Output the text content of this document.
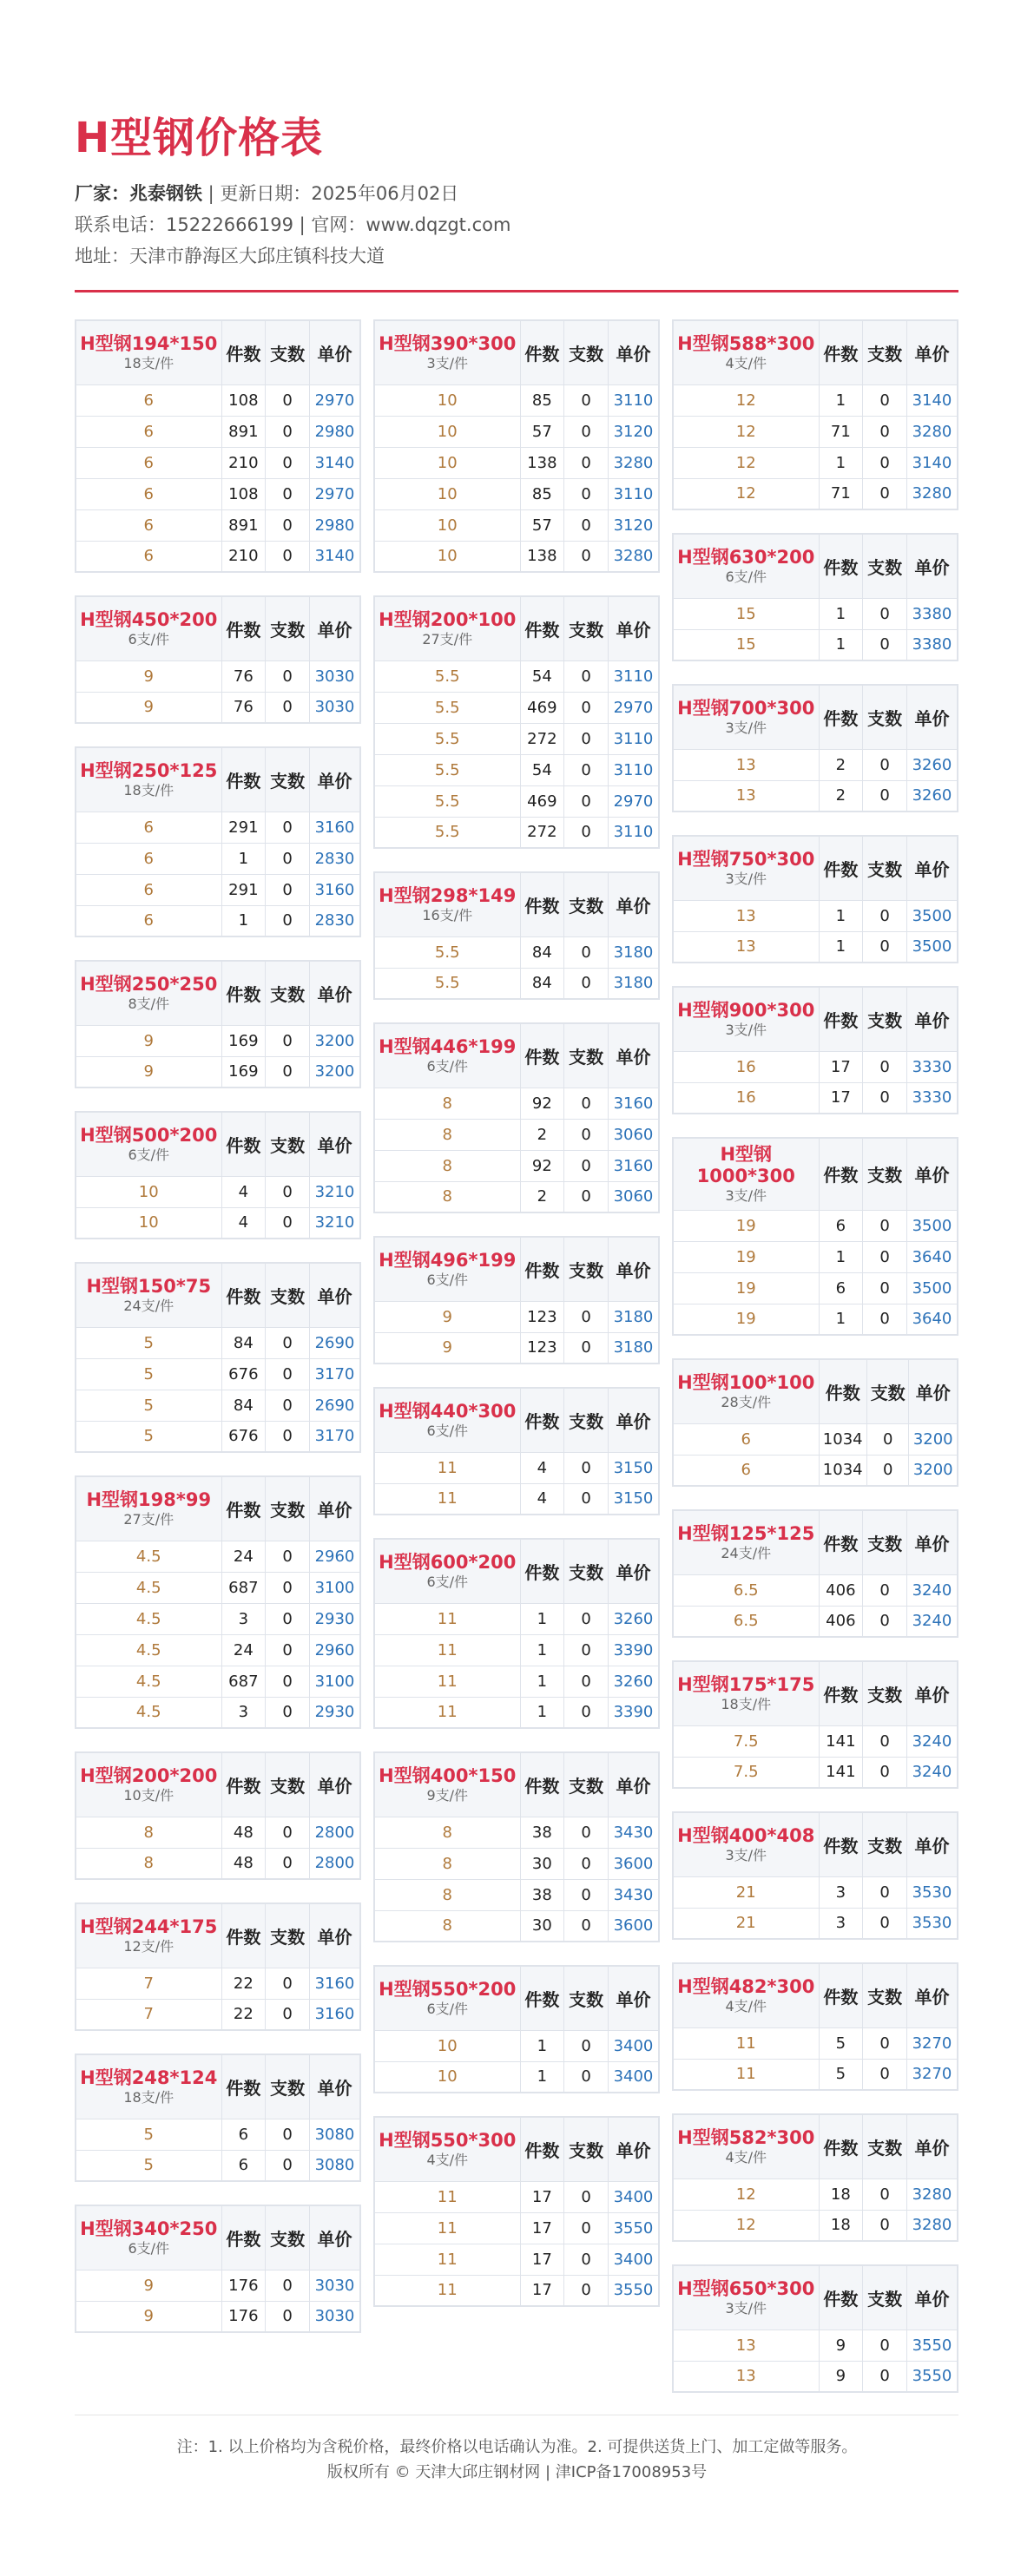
H型钢价格表
厂家：兆泰钢铁 | 更新日期：2025年06月02日
联系电话：15222666199 | 官网：www.dqzgt.com
地址：天津市静海区大邱庄镇科技大道
H型钢194*150
18支/件	件数	支数	单价
6	108	0	2970
6	891	0	2980
6	210	0	3140
6	108	0	2970
6	891	0	2980
6	210	0	3140
H型钢450*200
6支/件	件数	支数	单价
9	76	0	3030
9	76	0	3030
H型钢250*125
18支/件	件数	支数	单价
6	291	0	3160
6	1	0	2830
6	291	0	3160
6	1	0	2830
H型钢250*250
8支/件	件数	支数	单价
9	169	0	3200
9	169	0	3200
H型钢500*200
6支/件	件数	支数	单价
10	4	0	3210
10	4	0	3210
H型钢150*75
24支/件	件数	支数	单价
5	84	0	2690
5	676	0	3170
5	84	0	2690
5	676	0	3170
H型钢198*99
27支/件	件数	支数	单价
4.5	24	0	2960
4.5	687	0	3100
4.5	3	0	2930
4.5	24	0	2960
4.5	687	0	3100
4.5	3	0	2930
H型钢200*200
10支/件	件数	支数	单价
8	48	0	2800
8	48	0	2800
H型钢244*175
12支/件	件数	支数	单价
7	22	0	3160
7	22	0	3160
H型钢248*124
18支/件	件数	支数	单价
5	6	0	3080
5	6	0	3080
H型钢340*250
6支/件	件数	支数	单价
9	176	0	3030
9	176	0	3030
H型钢390*300
3支/件	件数	支数	单价
10	85	0	3110
10	57	0	3120
10	138	0	3280
10	85	0	3110
10	57	0	3120
10	138	0	3280
H型钢200*100
27支/件	件数	支数	单价
5.5	54	0	3110
5.5	469	0	2970
5.5	272	0	3110
5.5	54	0	3110
5.5	469	0	2970
5.5	272	0	3110
H型钢298*149
16支/件	件数	支数	单价
5.5	84	0	3180
5.5	84	0	3180
H型钢446*199
6支/件	件数	支数	单价
8	92	0	3160
8	2	0	3060
8	92	0	3160
8	2	0	3060
H型钢496*199
6支/件	件数	支数	单价
9	123	0	3180
9	123	0	3180
H型钢440*300
6支/件	件数	支数	单价
11	4	0	3150
11	4	0	3150
H型钢600*200
6支/件	件数	支数	单价
11	1	0	3260
11	1	0	3390
11	1	0	3260
11	1	0	3390
H型钢400*150
9支/件	件数	支数	单价
8	38	0	3430
8	30	0	3600
8	38	0	3430
8	30	0	3600
H型钢550*200
6支/件	件数	支数	单价
10	1	0	3400
10	1	0	3400
H型钢550*300
4支/件	件数	支数	单价
11	17	0	3400
11	17	0	3550
11	17	0	3400
11	17	0	3550
H型钢588*300
4支/件	件数	支数	单价
12	1	0	3140
12	71	0	3280
12	1	0	3140
12	71	0	3280
H型钢630*200
6支/件	件数	支数	单价
15	1	0	3380
15	1	0	3380
H型钢700*300
3支/件	件数	支数	单价
13	2	0	3260
13	2	0	3260
H型钢750*300
3支/件	件数	支数	单价
13	1	0	3500
13	1	0	3500
H型钢900*300
3支/件	件数	支数	单价
16	17	0	3330
16	17	0	3330
H型钢1000*300
3支/件	件数	支数	单价
19	6	0	3500
19	1	0	3640
19	6	0	3500
19	1	0	3640
H型钢100*100
28支/件	件数	支数	单价
6	1034	0	3200
6	1034	0	3200
H型钢125*125
24支/件	件数	支数	单价
6.5	406	0	3240
6.5	406	0	3240
H型钢175*175
18支/件	件数	支数	单价
7.5	141	0	3240
7.5	141	0	3240
H型钢400*408
3支/件	件数	支数	单价
21	3	0	3530
21	3	0	3530
H型钢482*300
4支/件	件数	支数	单价
11	5	0	3270
11	5	0	3270
H型钢582*300
4支/件	件数	支数	单价
12	18	0	3280
12	18	0	3280
H型钢650*300
3支/件	件数	支数	单价
13	9	0	3550
13	9	0	3550
注：1. 以上价格均为含税价格，最终价格以电话确认为准。2. 可提供送货上门、加工定做等服务。
版权所有 © 天津大邱庄钢材网 | 津ICP备17008953号
